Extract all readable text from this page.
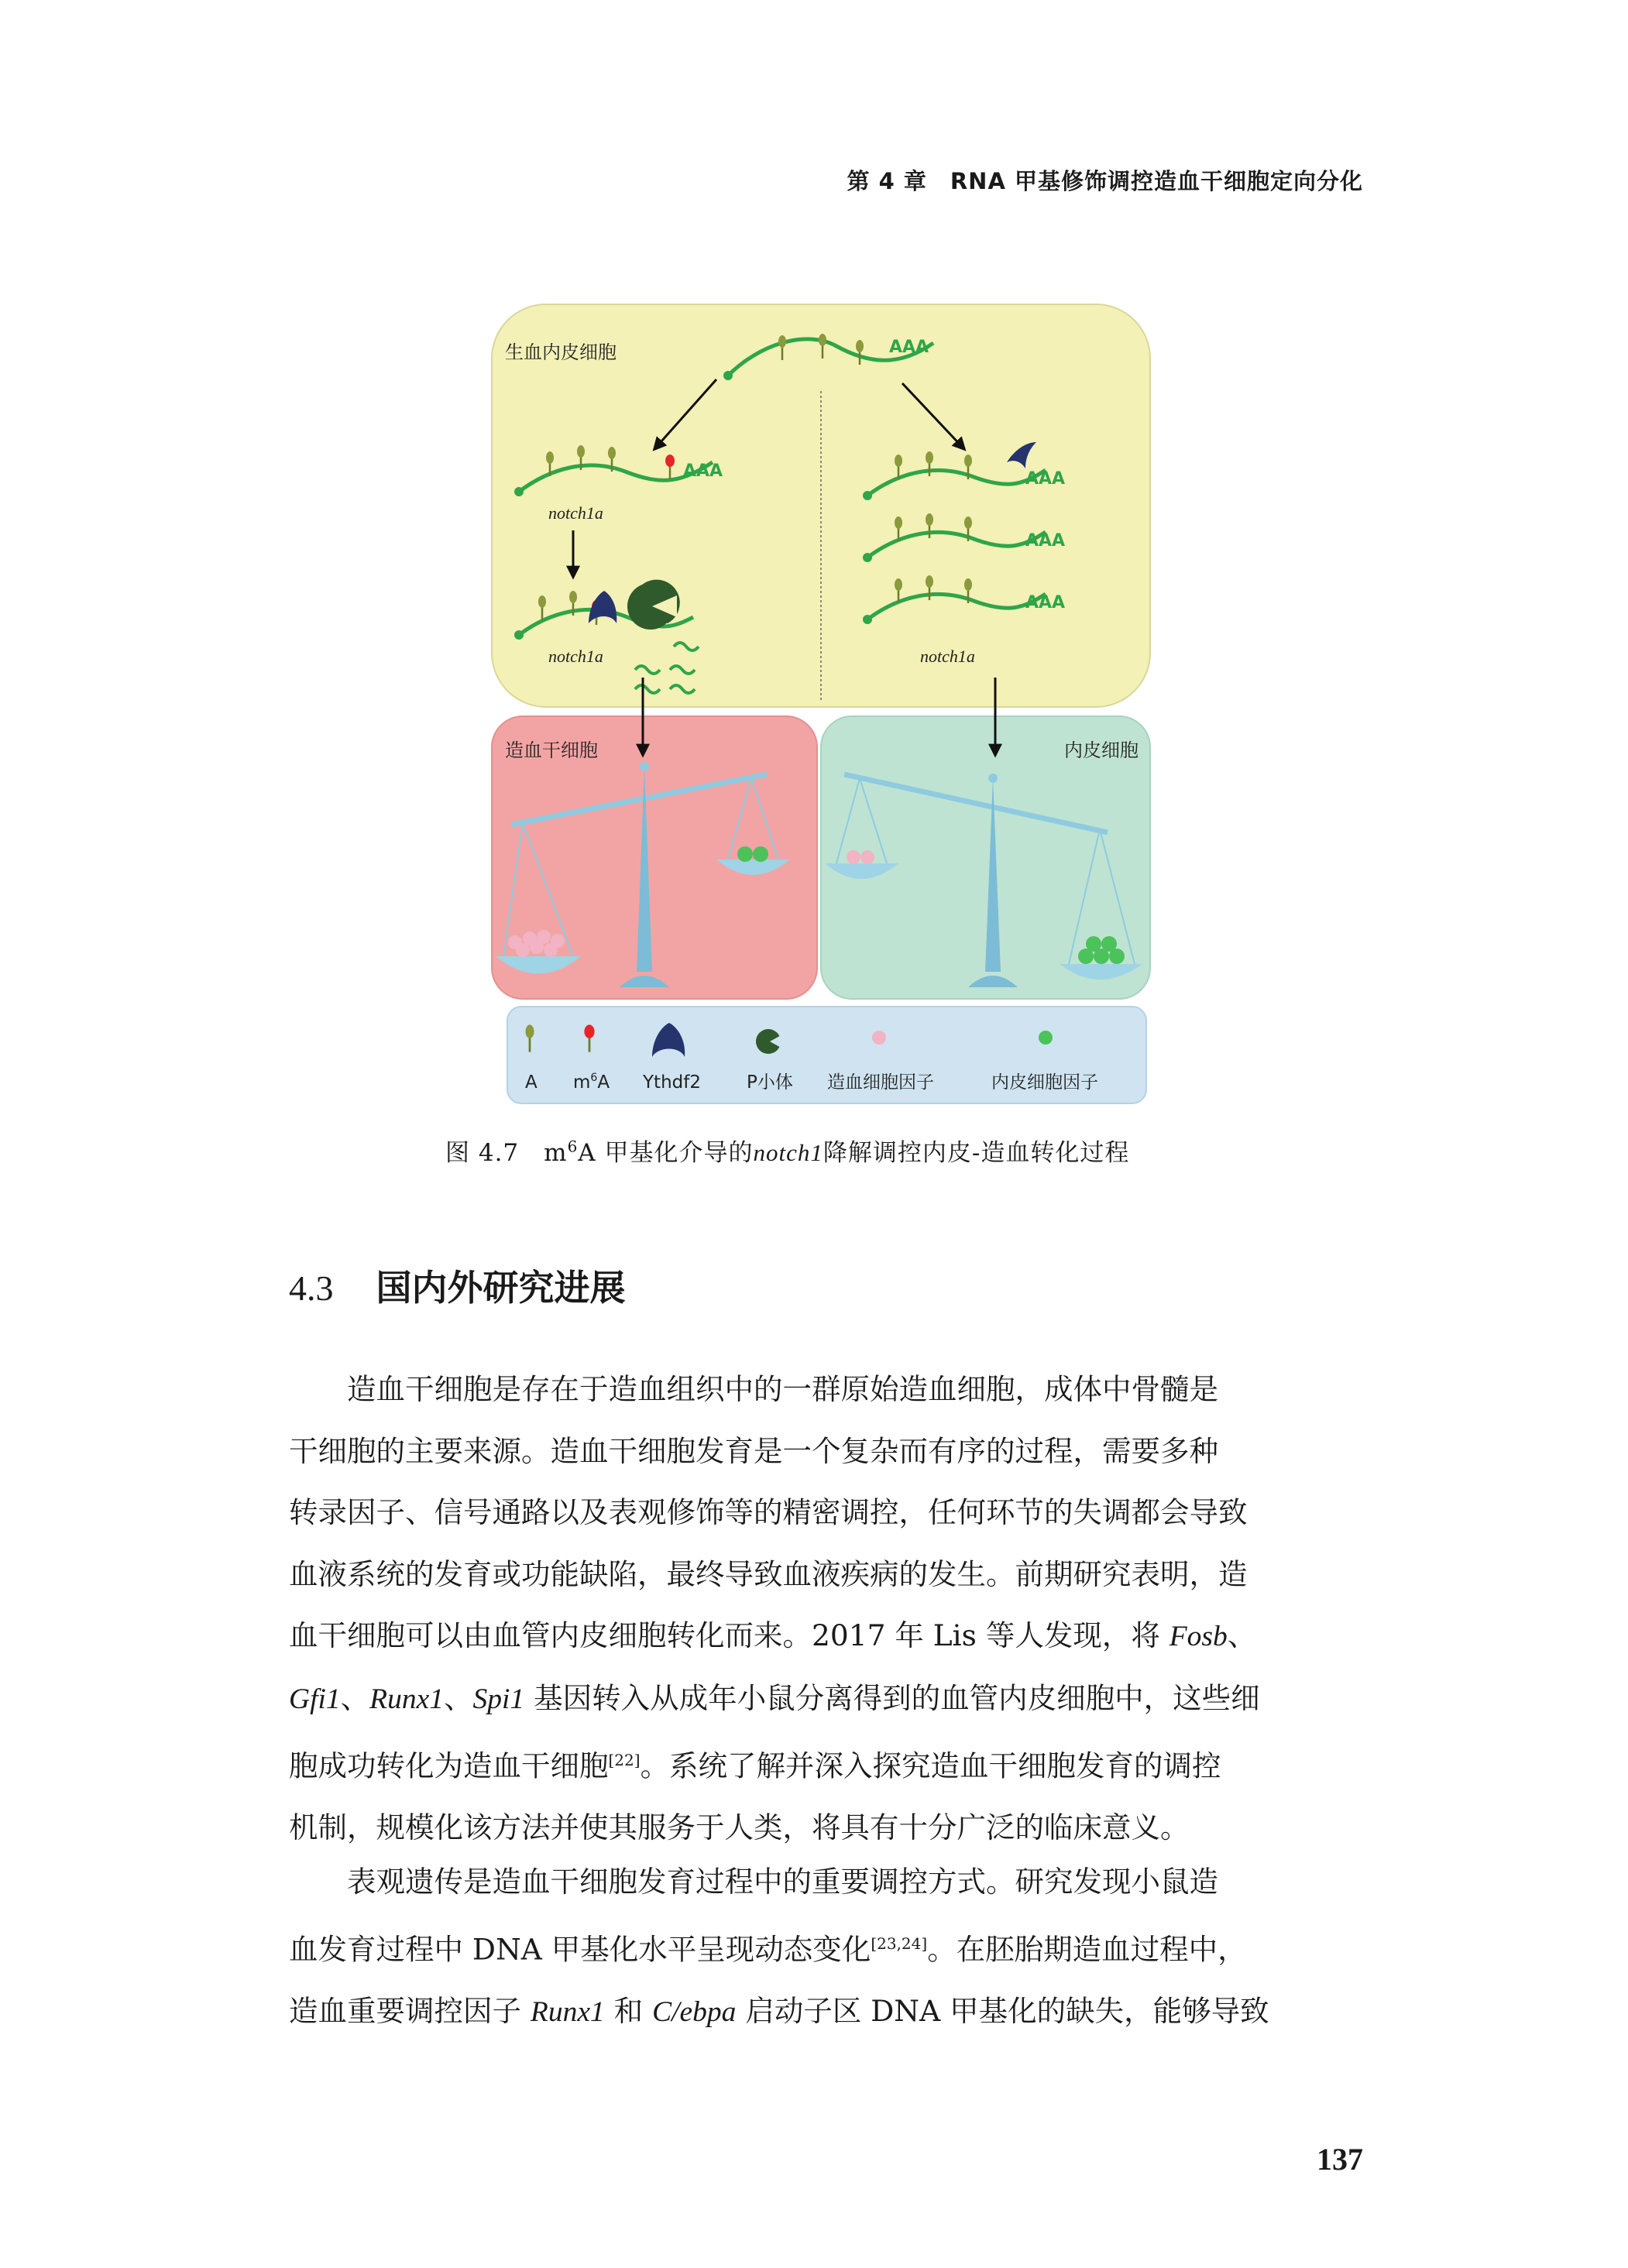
第 4 章　RNA 甲基修饰调控造血干细胞定向分化
生血内皮细胞
造血干细胞	内皮细胞
AAA
AAA
notch1a
notch1a
AAA
AAA
AAA
notch1a
A $m^6A$ Ythdf2	P小体 造血细胞因子	内皮细胞因子
图 4.7　$m^6A$ 甲基化介导的notch1降解调控内皮-造血转化过程
4.3 国内外研究进展

造血干细胞是存在于造血组织中的一群原始造血细胞，成体中骨髓是

干细胞的主要来源。造血干细胞发育是一个复杂而有序的过程，需要多种
转录因子、信号通路以及表观修饰等的精密调控，任何环节的失调都会导致
血液系统的发育或功能缺陷，最终导致血液疾病的发生。前期研究表明，造
血干细胞可以由血管内皮细胞转化而来。2017 年 Lis 等人发现，将 Fosb、
Gfi1、Runx1、Spi1 基因转入从成年小鼠分离得到的血管内皮细胞中，这些细
胞成功转化为造血干细胞[22]。系统了解并深入探究造血干细胞发育的调控
机制，规模化该方法并使其服务于人类，将具有十分广泛的临床意义。

表观遗传是造血干细胞发育过程中的重要调控方式。研究发现小鼠造

血发育过程中 DNA 甲基化水平呈现动态变化[23,24]。在胚胎期造血过程中，
造血重要调控因子 Runx1 和 C/ebpa 启动子区 DNA 甲基化的缺失，能够导致

137
